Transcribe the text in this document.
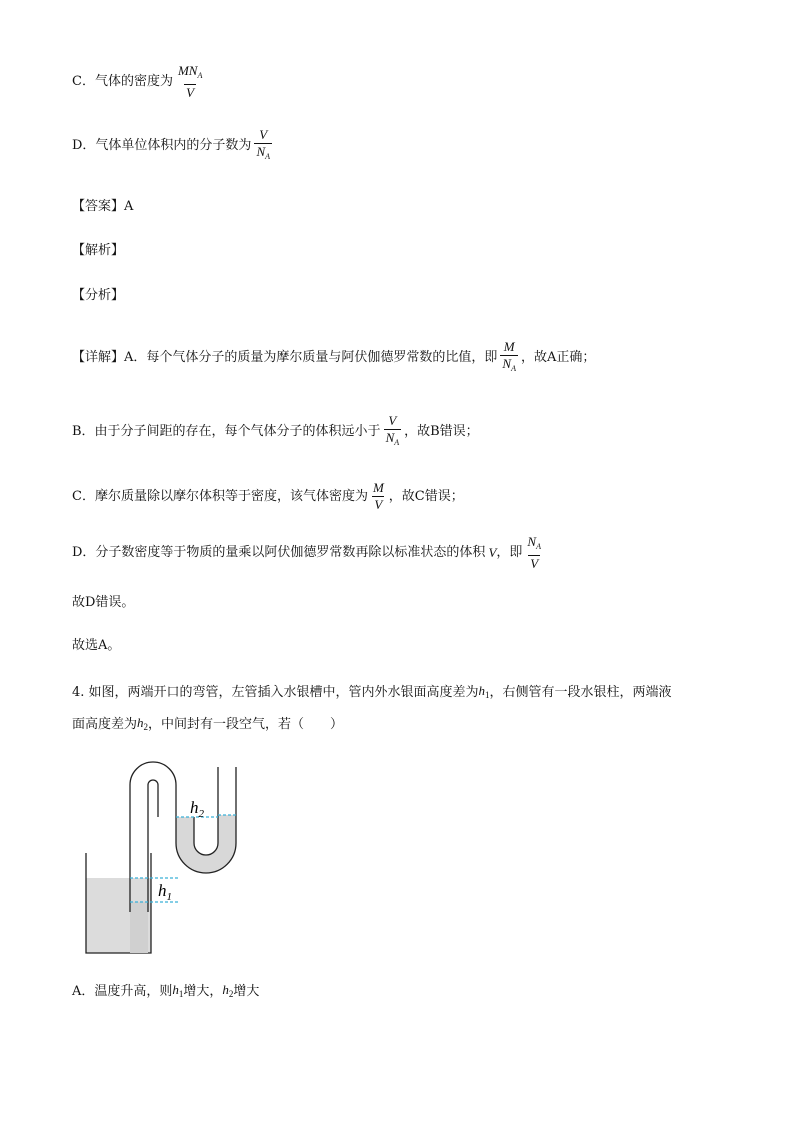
C．气体的密度为 $\frac{MN_A}{V}$
D．气体单位体积内的分子数为 $\frac{V}{N_A}$
【答案】 A
【解析】
【分析】
【详解】 A．每个气体分子的质量为摩尔质量与阿伏伽德罗常数的比值，即 $\frac{M}{N_A}$ ，故A正确；
B．由于分子间距的存在，每个气体分子的体积远小于 $\frac{V}{N_A}$ ，故B错误；
C．摩尔质量除以摩尔体积等于密度，该气体密度为 $\frac{M}{V}$ ，故C错误；
D．分子数密度等于物质的量乘以阿伏伽德罗常数再除以标准状态的体积 V ，即 $\frac{N_A}{V}$
故D错误。
故选A。
4. 如图，两端开口的弯管，左管插入水银槽中，管内外水银面高度差为 $h_1$ ，右侧管有一段水银柱，两端液
面高度差为 $h_2$ ，中间封有一段空气，若（　　）
$h_2$
$h_1$
A．温度升高，则 $h_1$ 增大， $h_2$ 增大
